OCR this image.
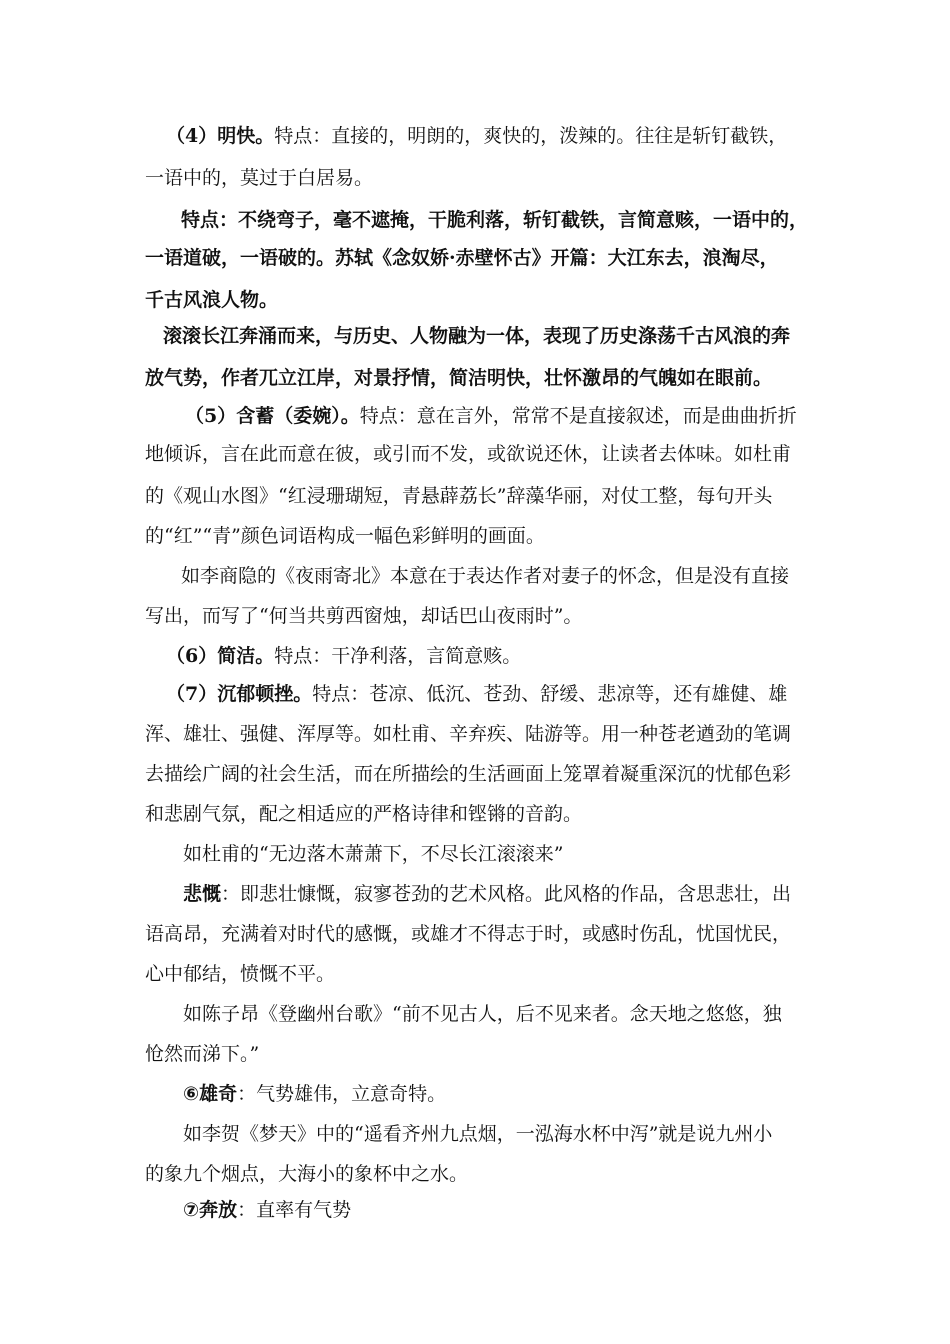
（4）明快。特点：直接的，明朗的，爽快的，泼辣的。往往是斩钉截铁，
一语中的，莫过于白居易。
特点：不绕弯子，毫不遮掩，干脆利落，斩钉截铁，言简意赅，一语中的，
一语道破，一语破的。苏轼《念奴娇·赤壁怀古》开篇：大江东去，浪淘尽，
千古风浪人物。
滚滚长江奔涌而来，与历史、人物融为一体，表现了历史涤荡千古风浪的奔
放气势，作者兀立江岸，对景抒情，简洁明快，壮怀激昂的气魄如在眼前。
（5）含蓄（委婉）。特点：意在言外，常常不是直接叙述，而是曲曲折折
地倾诉，言在此而意在彼，或引而不发，或欲说还休，让读者去体味。如杜甫
的《观山水图》“红浸珊瑚短，青悬薜荔长”辞藻华丽，对仗工整，每句开头
的“红”“青”颜色词语构成一幅色彩鲜明的画面。
如李商隐的《夜雨寄北》本意在于表达作者对妻子的怀念，但是没有直接
写出，而写了“何当共剪西窗烛，却话巴山夜雨时”。
（6）简洁。特点：干净利落，言简意赅。
（7）沉郁顿挫。特点：苍凉、低沉、苍劲、舒缓、悲凉等，还有雄健、雄
浑、雄壮、强健、浑厚等。如杜甫、辛弃疾、陆游等。用一种苍老遒劲的笔调
去描绘广阔的社会生活，而在所描绘的生活画面上笼罩着凝重深沉的忧郁色彩
和悲剧气氛，配之相适应的严格诗律和铿锵的音韵。
如杜甫的“无边落木萧萧下，不尽长江滚滚来”
悲慨：即悲壮慷慨，寂寥苍劲的艺术风格。此风格的作品，含思悲壮，出
语高昂，充满着对时代的感慨，或雄才不得志于时，或感时伤乱，忧国忧民，
心中郁结，愤慨不平。
如陈子昂《登幽州台歌》“前不见古人，后不见来者。念天地之悠悠，独
怆然而涕下。”
⑥雄奇：气势雄伟，立意奇特。
如李贺《梦天》中的“遥看齐州九点烟，一泓海水杯中泻”就是说九州小
的象九个烟点，大海小的象杯中之水。
⑦奔放：直率有气势
